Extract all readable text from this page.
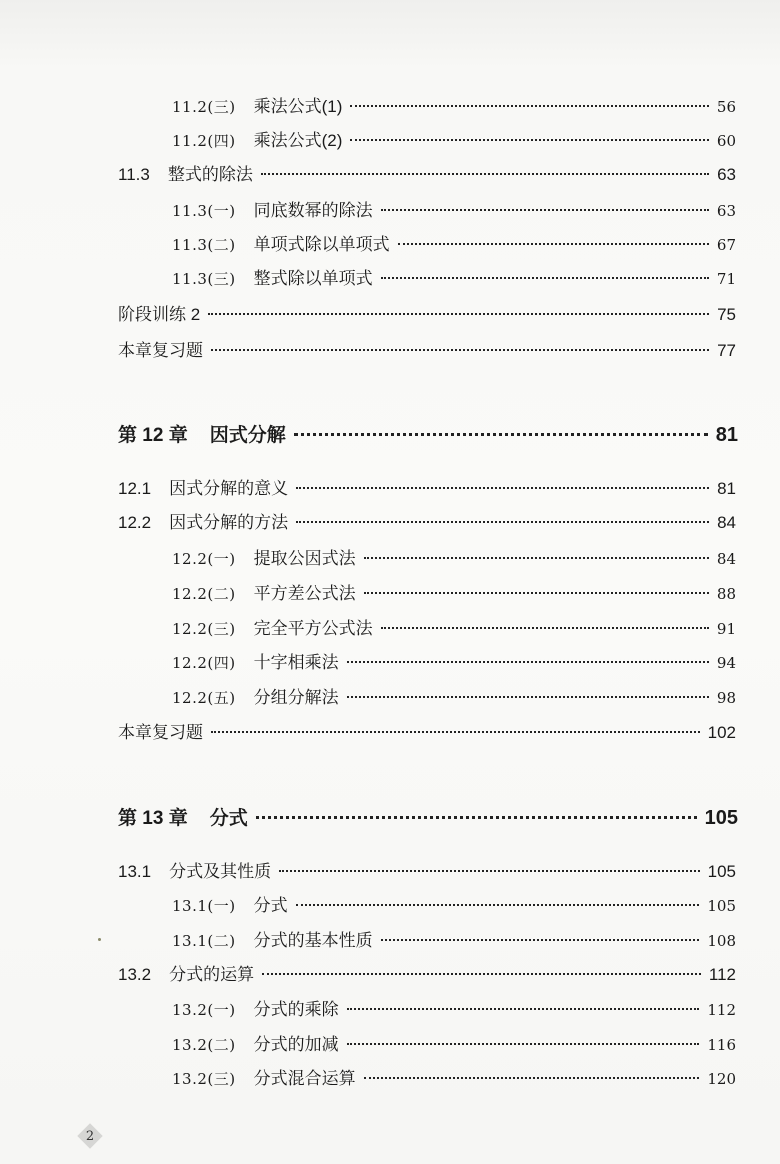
11.2(三) 乘法公式(1)	56
11.2(四) 乘法公式(2)	60
11.3 整式的除法	63
11.3(一) 同底数幂的除法	63
11.3(二) 单项式除以单项式	67
11.3(三) 整式除以单项式	71
阶段训练 2	75
本章复习题	77
第 12 章 因式分解	81
12.1 因式分解的意义	81
12.2 因式分解的方法	84
12.2(一) 提取公因式法	84
12.2(二) 平方差公式法	88
12.2(三) 完全平方公式法	91
12.2(四) 十字相乘法	94
12.2(五) 分组分解法	98
本章复习题	102
第 13 章 分式	105
13.1 分式及其性质	105
13.1(一) 分式	105
13.1(二) 分式的基本性质	108
13.2 分式的运算	112
13.2(一) 分式的乘除	112
13.2(二) 分式的加减	116
13.2(三) 分式混合运算	120
2
